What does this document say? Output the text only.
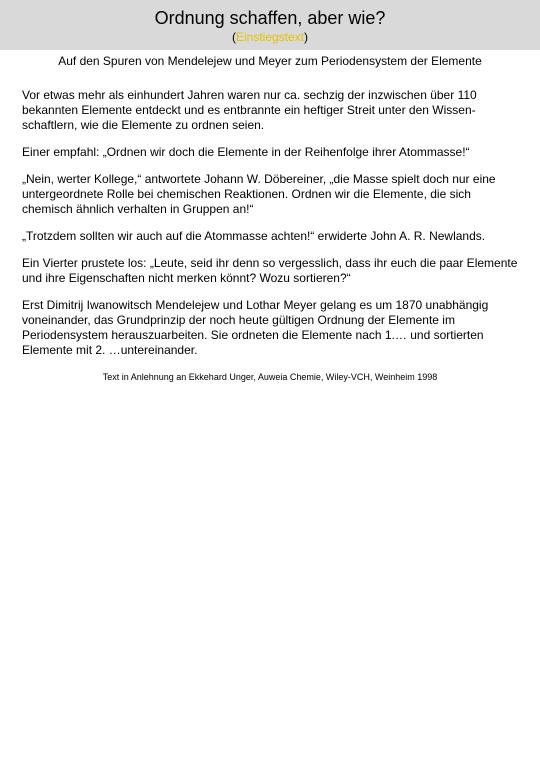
Ordnung schaffen, aber wie?
(Einstiegstext)
Auf den Spuren von Mendelejew und Meyer zum Periodensystem der Elemente

Vor etwas mehr als einhundert Jahren waren nur ca. sechzig der inzwischen über 110 bekannten Elemente entdeckt und es entbrannte ein heftiger Streit unter den Wissen-schaftlern, wie die Elemente zu ordnen seien.

Einer empfahl: „Ordnen wir doch die Elemente in der Reihenfolge ihrer Atommasse!“

„Nein, werter Kollege,“ antwortete Johann W. Döbereiner, „die Masse spielt doch nur eine untergeordnete Rolle bei chemischen Reaktionen. Ordnen wir die Elemente, die sich chemisch ähnlich verhalten in Gruppen an!“

„Trotzdem sollten wir auch auf die Atommasse achten!“ erwiderte John A. R. Newlands.

Ein Vierter prustete los: „Leute, seid ihr denn so vergesslich, dass ihr euch die paar Elemente und ihre Eigenschaften nicht merken könnt? Wozu sortieren?“

Erst Dimitrij Iwanowitsch Mendelejew und Lothar Meyer gelang es um 1870 unabhängig voneinander, das Grundprinzip der noch heute gültigen Ordnung der Elemente im Periodensystem herauszuarbeiten. Sie ordneten die Elemente nach 1.… und sortierten Elemente mit 2. …untereinander.

Text in Anlehnung an Ekkehard Unger, Auweia Chemie, Wiley-VCH, Weinheim 1998
